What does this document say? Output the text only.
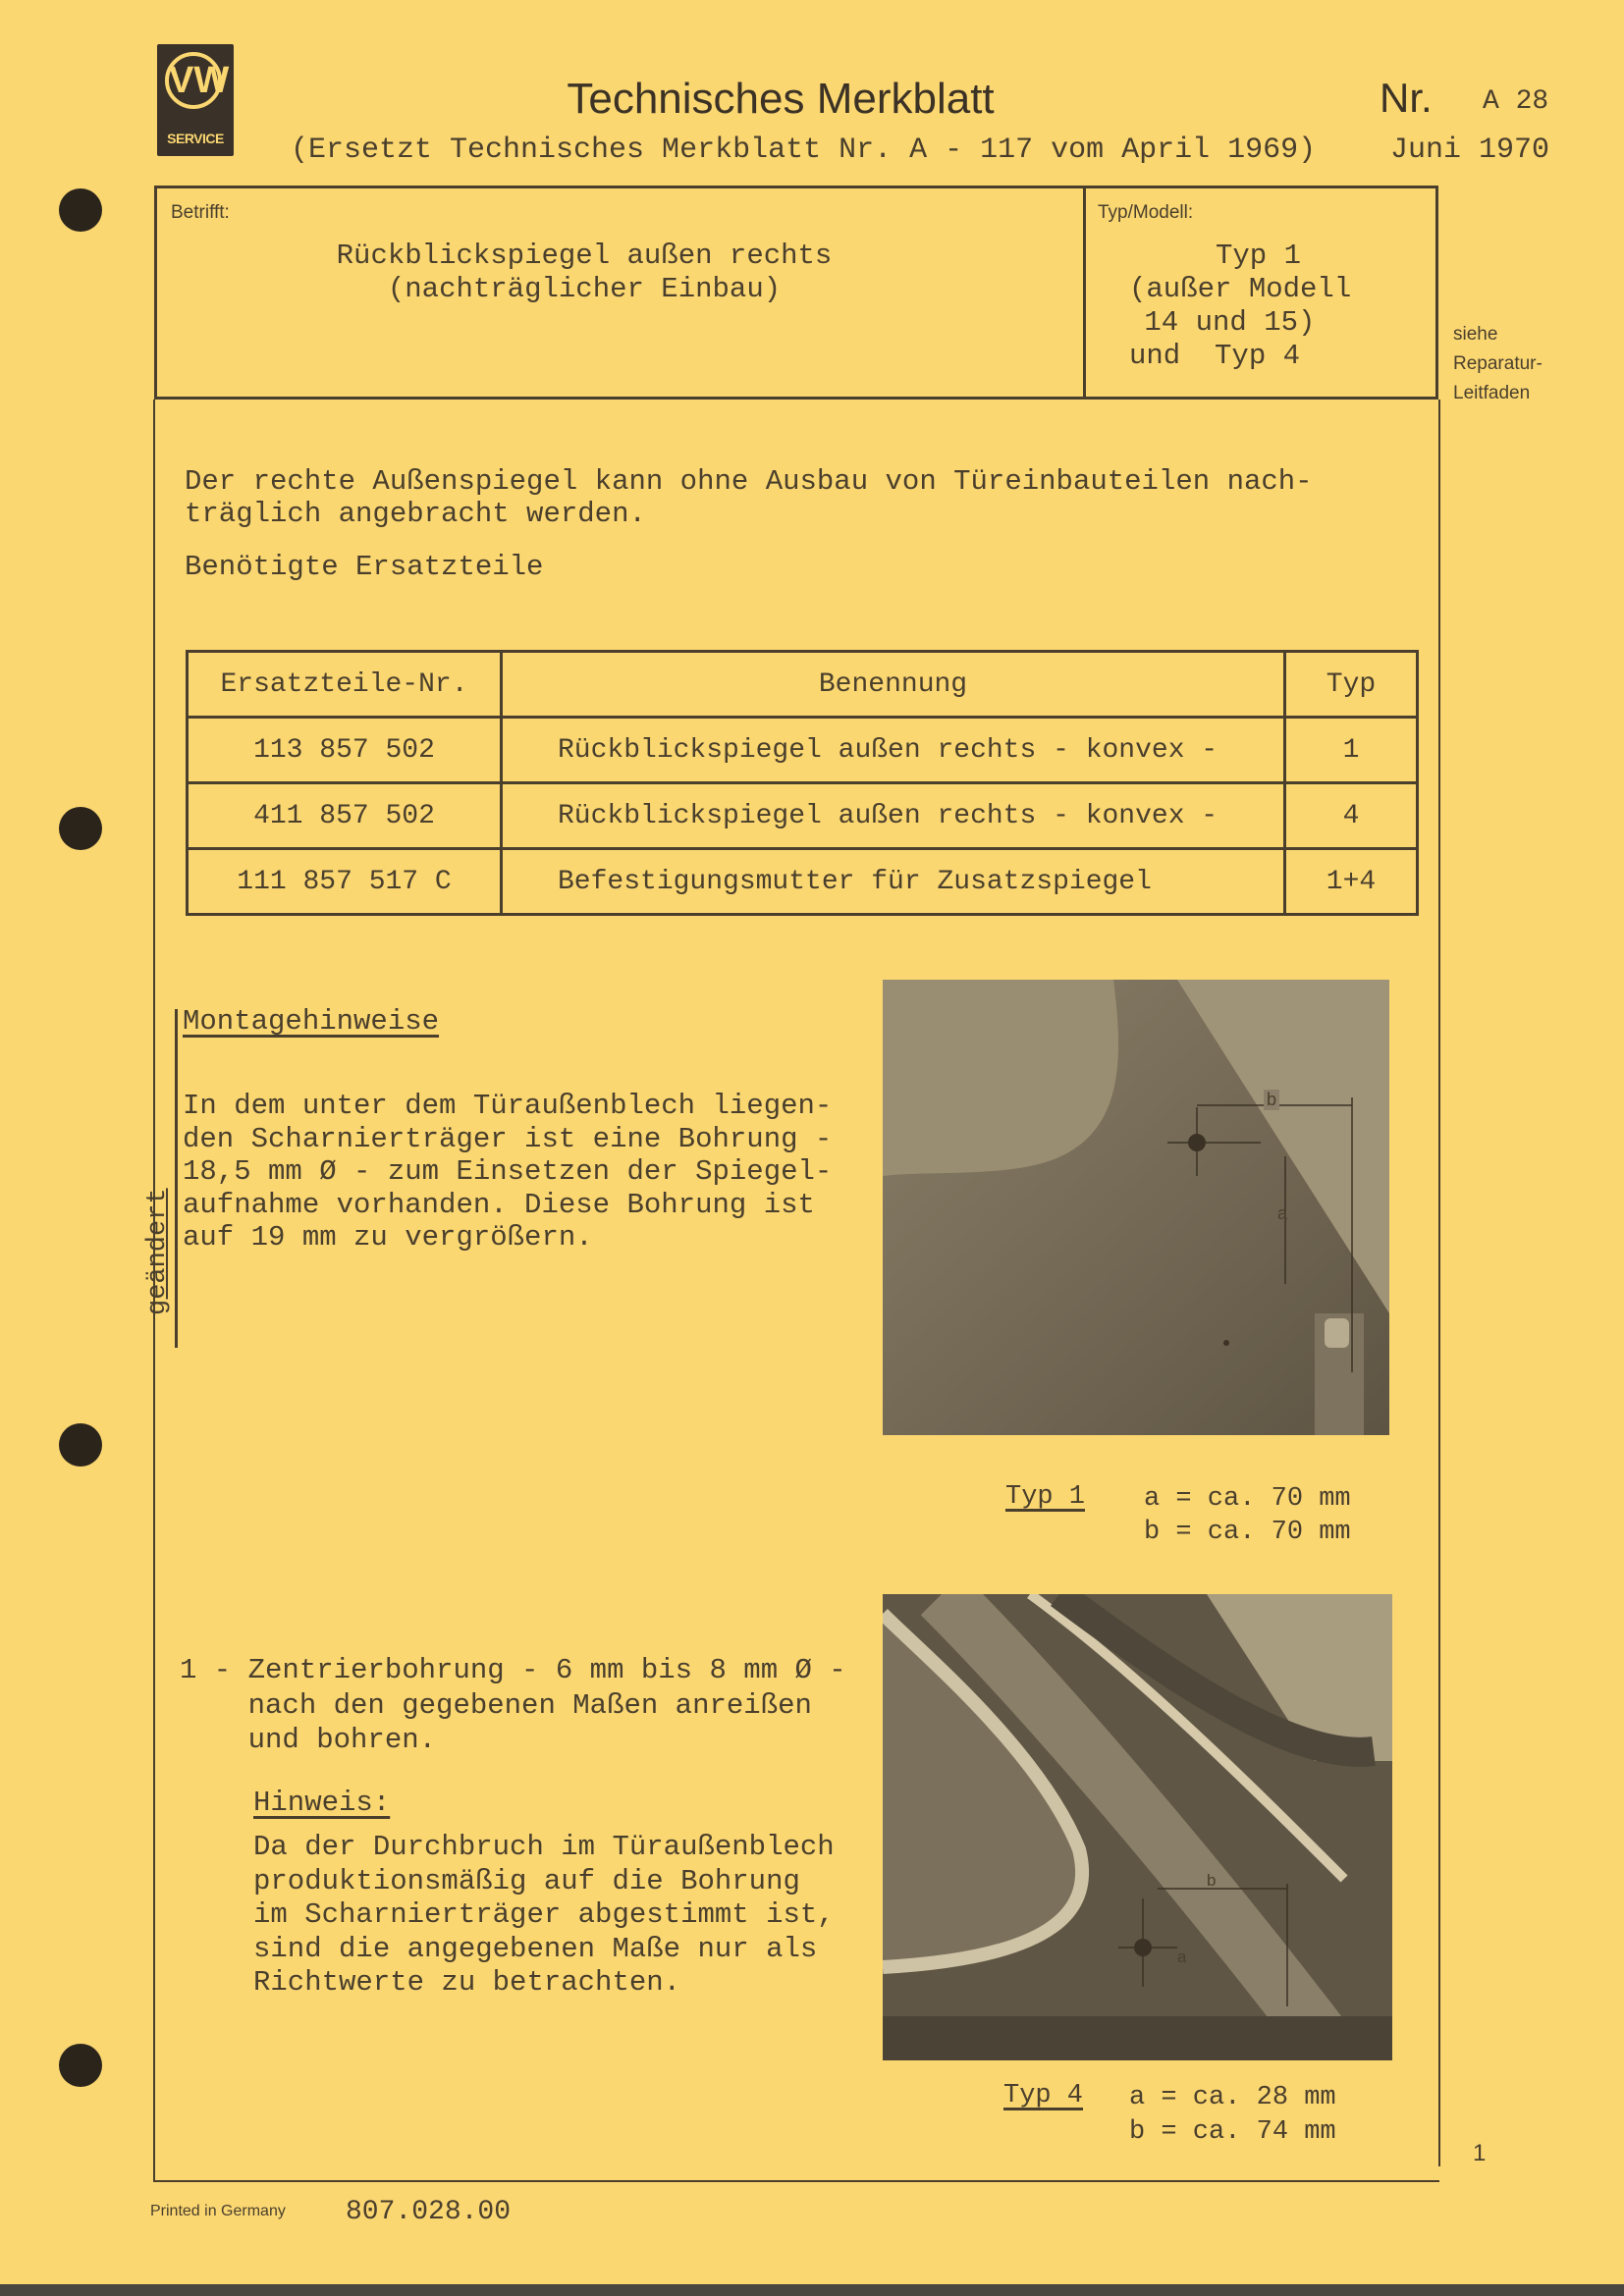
VW
SERVICE
Technisches Merkblatt	Nr. A 28
(Ersetzt Technisches Merkblatt Nr. A - 117 vom April 1969)	Juni 1970
Betrifft:
Rückblickspiegel außen rechts
(nachträglicher Einbau)
Typ/Modell:
Typ 1
(außer Modell
14 und 15)
und  Typ 4
siehe
Reparatur-
Leitfaden
Der rechte Außenspiegel kann ohne Ausbau von Türeinbauteilen nach-
träglich angebracht werden.
Benötigte Ersatzteile
Ersatzteile-Nr.	Benennung	Typ
113 857 502	Rückblickspiegel außen rechts - konvex -	1
411 857 502	Rückblickspiegel außen rechts - konvex -	4
111 857 517 C	Befestigungsmutter für Zusatzspiegel	1+4
geändert
Montagehinweise
In dem unter dem Türaußenblech liegen-
den Scharnierträger ist eine Bohrung -
18,5 mm Ø - zum Einsetzen der Spiegel-
aufnahme vorhanden. Diese Bohrung ist
auf 19 mm zu vergrößern.
b
a
Typ 1 a = ca. 70 mm
b = ca. 70 mm
1 - Zentrierbohrung - 6 mm bis 8 mm Ø -
nach den gegebenen Maßen anreißen
und bohren.
Hinweis:
Da der Durchbruch im Türaußenblech
produktionsmäßig auf die Bohrung
im Scharnierträger abgestimmt ist,
sind die angegebenen Maße nur als
Richtwerte zu betrachten.
b
a
Typ 4 a = ca. 28 mm
b = ca. 74 mm
1
Printed in Germany 807.028.00
